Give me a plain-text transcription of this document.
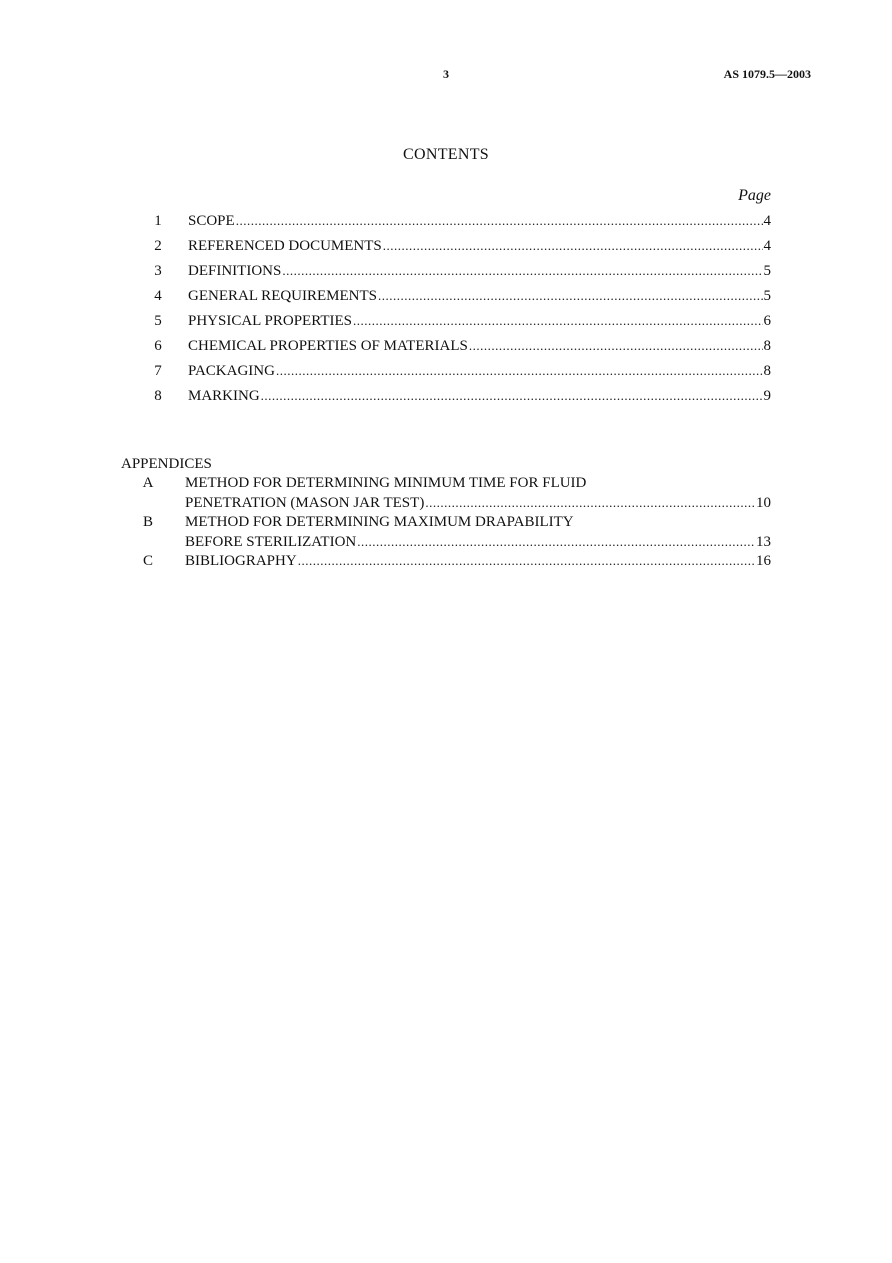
3	AS 1079.5—2003
CONTENTS
Page
1 SCOPE .....	4
2 REFERENCED DOCUMENTS .....	4
3 DEFINITIONS .....	5
4 GENERAL REQUIREMENTS .....	5
5 PHYSICAL PROPERTIES .....	6
6 CHEMICAL PROPERTIES OF MATERIALS .....	8
7 PACKAGING .....	8
8 MARKING .....	9
APPENDICES
A METHOD FOR DETERMINING MINIMUM TIME FOR FLUID
PENETRATION (MASON JAR TEST) .....	10
B METHOD FOR DETERMINING MAXIMUM DRAPABILITY
BEFORE STERILIZATION .....	13
C BIBLIOGRAPHY .....	16
